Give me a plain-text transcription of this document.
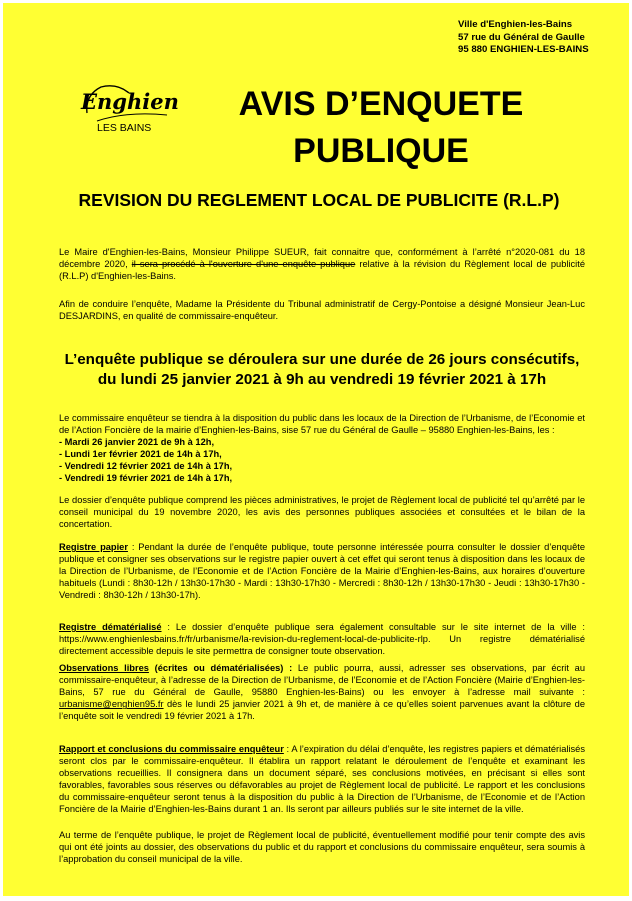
Ville d'Enghien-les-Bains
57 rue du Général de Gaulle
95 880 ENGHIEN-LES-BAINS
Enghien
LES BAINS
AVIS D’ENQUETE
PUBLIQUE
REVISION DU REGLEMENT LOCAL DE PUBLICITE (R.L.P)
Le Maire d'Enghien-les-Bains, Monsieur Philippe SUEUR, fait connaitre que, conformément à l’arrêté n°2020-081 du 18 décembre 2020, il sera procédé à l'ouverture d'une enquête publique relative à la révision du Règlement local de publicité (R.L.P) d'Enghien-les-Bains.
Afin de conduire l’enquête, Madame la Présidente du Tribunal administratif de Cergy-Pontoise a désigné Monsieur Jean-Luc DESJARDINS, en qualité de commissaire-enquêteur.
L’enquête publique se déroulera sur une durée de 26 jours consécutifs,
du lundi 25 janvier 2021 à 9h au vendredi 19 février 2021 à 17h
Le commissaire enquêteur se tiendra à la disposition du public dans les locaux de la Direction de l’Urbanisme, de l’Economie et de l’Action Foncière de la mairie d’Enghien-les-Bains, sise 57 rue du Général de Gaulle – 95880 Enghien-les-Bains, les :
- Mardi 26 janvier 2021 de 9h à 12h,
- Lundi 1er février 2021 de 14h à 17h,
- Vendredi 12 février 2021 de 14h à 17h,
- Vendredi 19 février 2021 de 14h à 17h,
Le dossier d’enquête publique comprend les pièces administratives, le projet de Règlement local de publicité tel qu’arrêté par le conseil municipal du 19 novembre 2020, les avis des personnes publiques associées et consultées et le bilan de la concertation.
Registre papier : Pendant la durée de l’enquête publique, toute personne intéressée pourra consulter le dossier d’enquête publique et consigner ses observations sur le registre papier ouvert à cet effet qui seront tenus à disposition dans les locaux de la Direction de l’Urbanisme, de l’Economie et de l’Action Foncière de la Mairie d’Enghien-les-Bains, aux horaires d’ouverture habituels (Lundi : 8h30-12h / 13h30-17h30 - Mardi : 13h30-17h30 - Mercredi : 8h30-12h / 13h30-17h30 - Jeudi : 13h30-17h30 -Vendredi : 8h30-12h / 13h30-17h).
Registre dématérialisé : Le dossier d’enquête publique sera également consultable sur le site internet de la ville : https://www.enghienlesbains.fr/fr/urbanisme/la-revision-du-reglement-local-de-publicite-rlp. Un registre dématérialisé directement accessible depuis le site permettra de consigner toute observation.
Observations libres (écrites ou dématérialisées) : Le public pourra, aussi, adresser ses observations, par écrit au commissaire-enquêteur, à l’adresse de la Direction de l’Urbanisme, de l’Economie et de l’Action Foncière (Mairie d’Enghien-les-Bains, 57 rue du Général de Gaulle, 95880 Enghien-les-Bains) ou les envoyer à l’adresse mail suivante : urbanisme@enghien95.fr dès le lundi 25 janvier 2021 à 9h et, de manière à ce qu’elles soient parvenues avant la clôture de l’enquête soit le vendredi 19 février 2021 à 17h.
Rapport et conclusions du commissaire enquêteur : A l’expiration du délai d’enquête, les registres papiers et dématérialisés seront clos par le commissaire-enquêteur. Il établira un rapport relatant le déroulement de l’enquête et examinant les observations recueillies. Il consignera dans un document séparé, ses conclusions motivées, en précisant si elles sont favorables, favorables sous réserves ou défavorables au projet de Règlement local de publicité. Le rapport et les conclusions du commissaire-enquêteur seront tenus à la disposition du public à la Direction de l’Urbanisme, de l’Economie et de l’Action Foncière de la Mairie d’Enghien-les-Bains durant 1 an. Ils seront par ailleurs publiés sur le site internet de la ville.
Au terme de l’enquête publique, le projet de Règlement local de publicité, éventuellement modifié pour tenir compte des avis qui ont été joints au dossier, des observations du public et du rapport et conclusions du commissaire enquêteur, sera soumis à l’approbation du conseil municipal de la ville.
